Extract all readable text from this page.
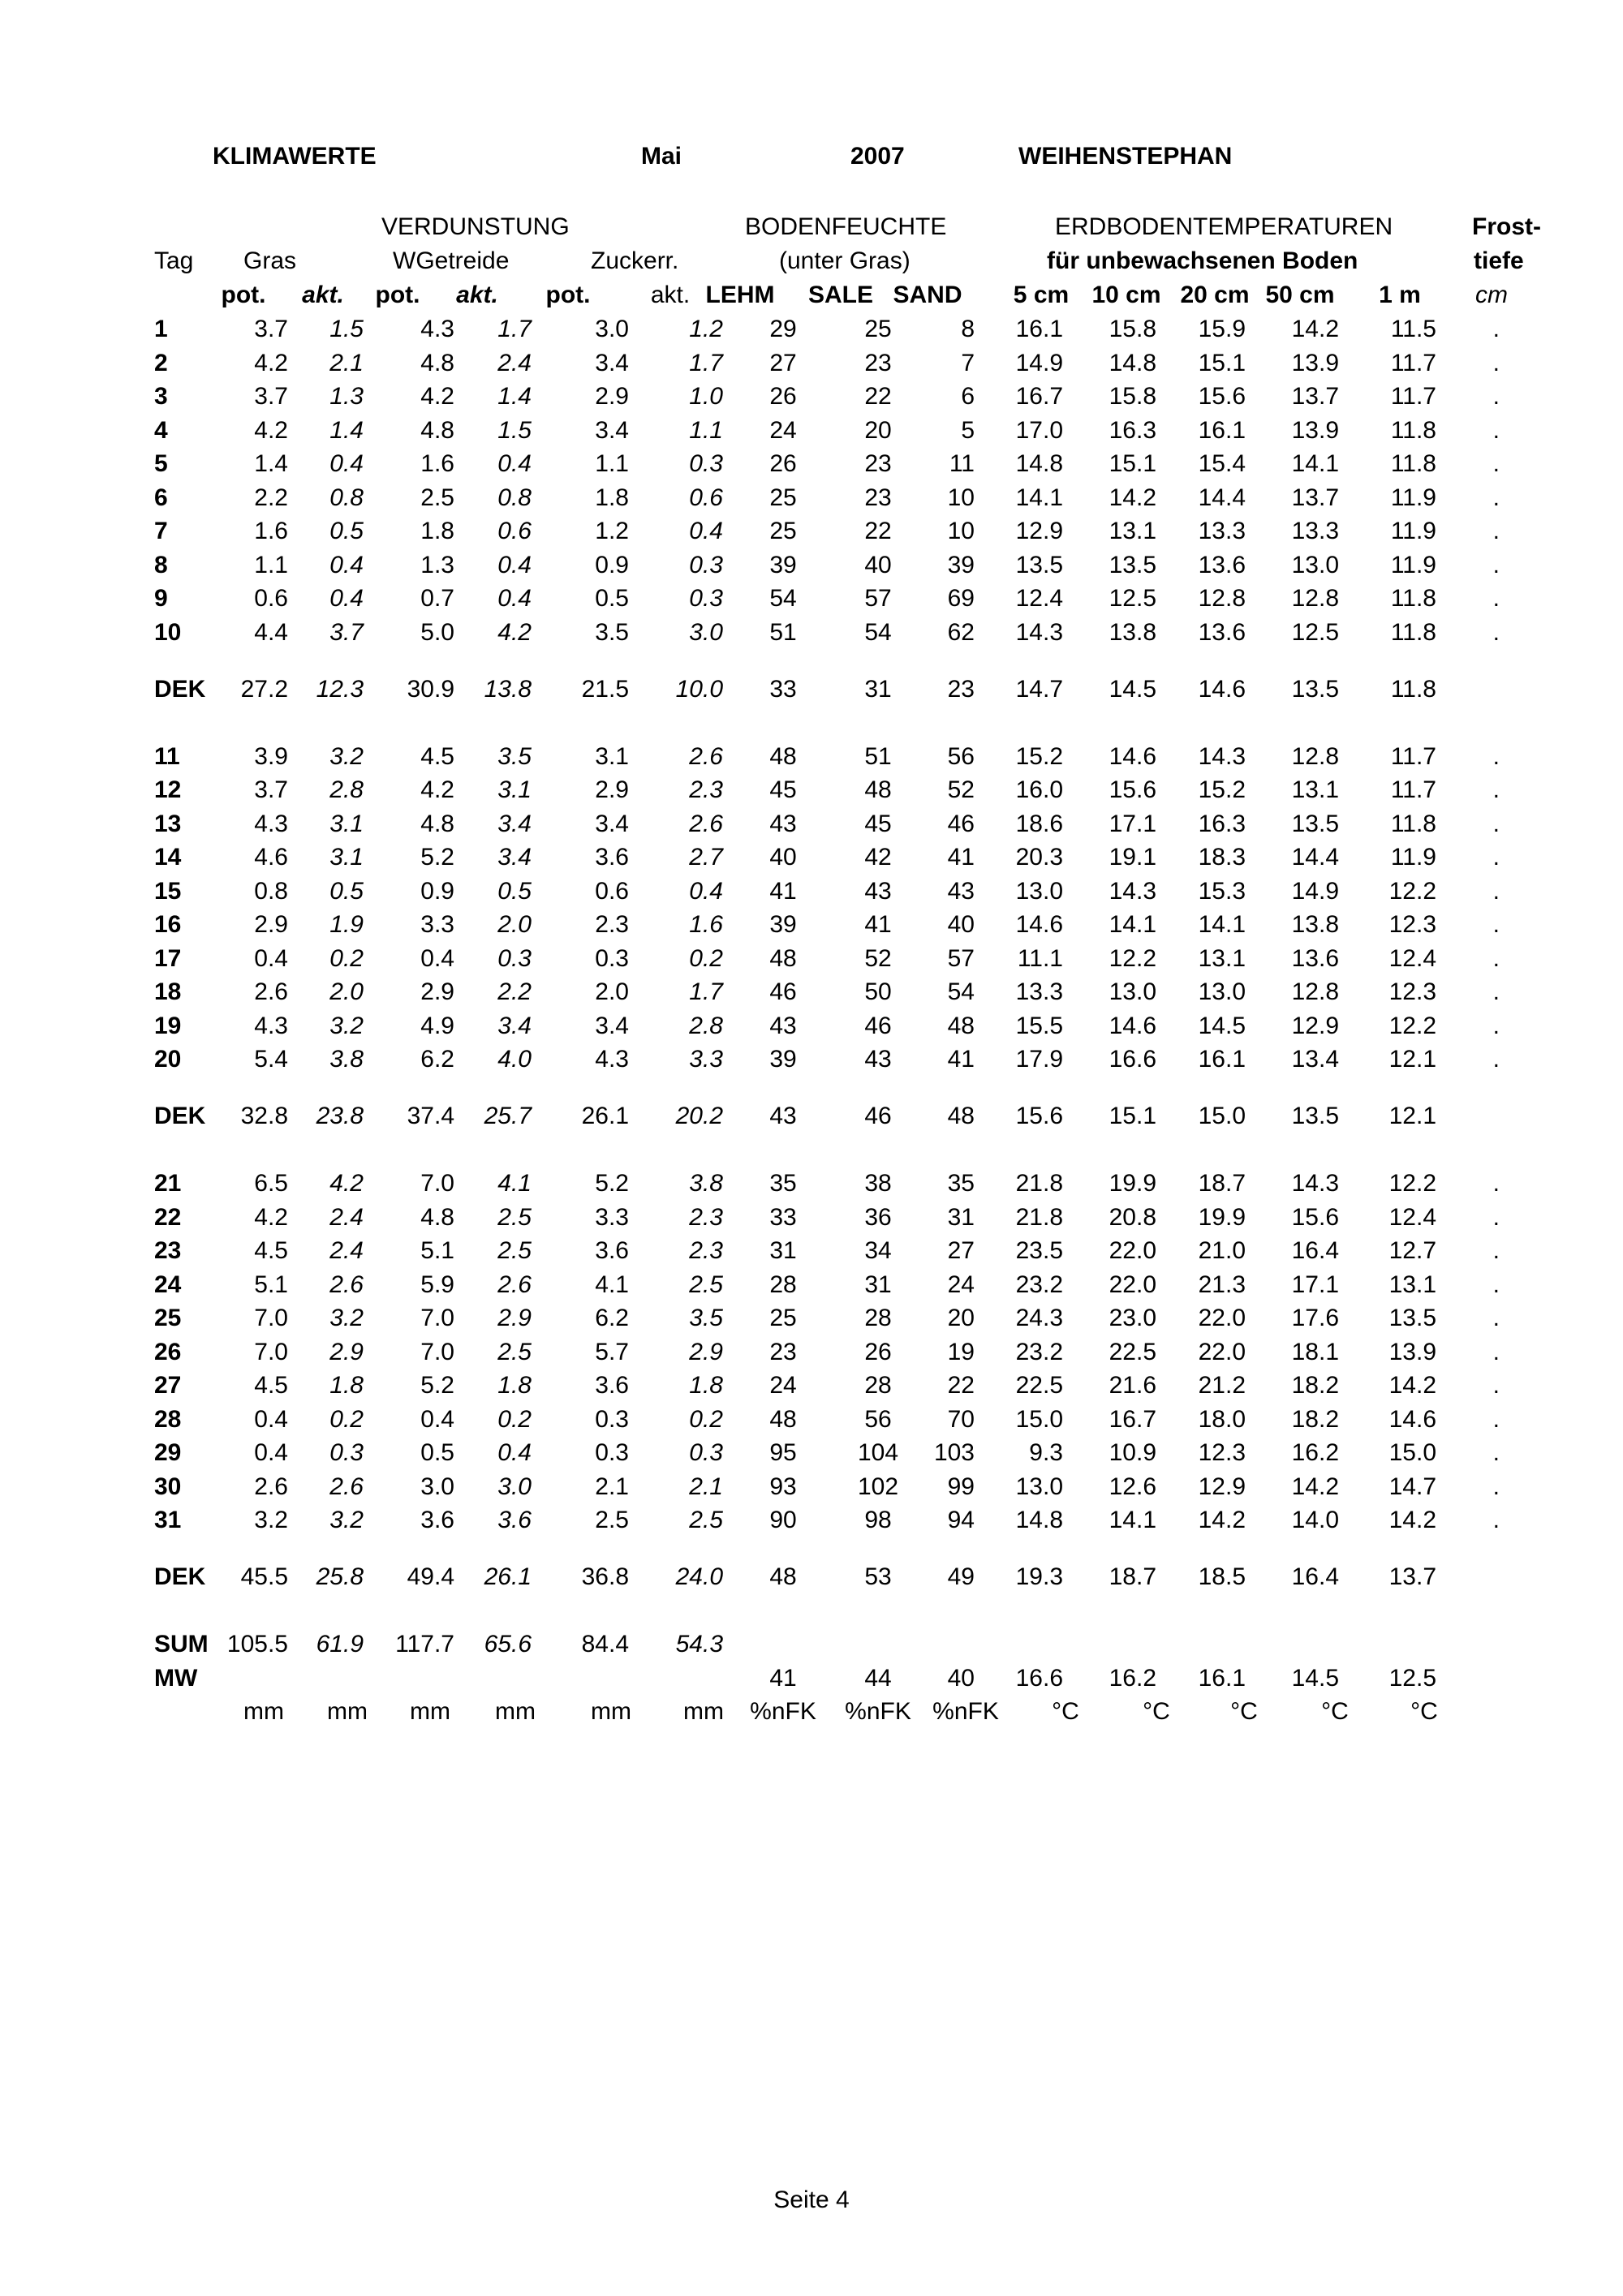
KLIMAWERTE	Mai	2007	WEIHENSTEPHAN
VERDUNSTUNG	BODENFEUCHTE	ERDBODENTEMPERATUREN	Frost-
Tag Gras	WGetreide	Zuckerr.	(unter Gras)	für unbewachsenen Boden	tiefe
pot. akt. pot. akt. pot. akt. LEHM SALE SAND 5 cm 10 cm 20 cm 50 cm 1 m cm
1	3.7 1.5 4.3 1.7	3.0 1.2 29	25	8 16.1 15.8 15.9 14.2 11.5 .
2	4.2 2.1 4.8 2.4	3.4 1.7 27	23	7 14.9 14.8 15.1 13.9 11.7 .
3	3.7 1.3 4.2 1.4	2.9 1.0 26	22	6 16.7 15.8 15.6 13.7 11.7 .
4	4.2 1.4 4.8 1.5	3.4 1.1 24	20	5 17.0 16.3 16.1 13.9 11.8 .
5	1.4 0.4 1.6 0.4	1.1 0.3 26	23 11 14.8 15.1 15.4 14.1 11.8 .
6	2.2 0.8 2.5 0.8	1.8 0.6 25	23 10 14.1 14.2 14.4 13.7 11.9 .
7	1.6 0.5 1.8 0.6	1.2 0.4 25	22 10 12.9 13.1 13.3 13.3 11.9 .
8	1.1 0.4 1.3 0.4	0.9 0.3 39	40 39 13.5 13.5 13.6 13.0 11.9 .
9	0.6 0.4 0.7 0.4	0.5 0.3 54	57 69 12.4 12.5 12.8 12.8 11.8 .
10	4.4 3.7 5.0 4.2	3.5 3.0 51	54 62 14.3 13.8 13.6 12.5 11.8 .
DEK 27.2 12.3 30.9 13.8 21.5 10.0 33	31 23 14.7 14.5 14.6 13.5 11.8
11	3.9 3.2 4.5 3.5	3.1 2.6 48	51 56 15.2 14.6 14.3 12.8 11.7 .
12	3.7 2.8 4.2 3.1	2.9 2.3 45	48 52 16.0 15.6 15.2 13.1 11.7 .
13	4.3 3.1 4.8 3.4	3.4 2.6 43	45 46 18.6 17.1 16.3 13.5 11.8 .
14	4.6 3.1 5.2 3.4	3.6 2.7 40	42 41 20.3 19.1 18.3 14.4 11.9 .
15	0.8 0.5 0.9 0.5	0.6 0.4 41	43 43 13.0 14.3 15.3 14.9 12.2 .
16	2.9 1.9 3.3 2.0	2.3 1.6 39	41 40 14.6 14.1 14.1 13.8 12.3 .
17	0.4 0.2 0.4 0.3	0.3 0.2 48	52 57 11.1 12.2 13.1 13.6 12.4 .
18	2.6 2.0 2.9 2.2	2.0 1.7 46	50 54 13.3 13.0 13.0 12.8 12.3 .
19	4.3 3.2 4.9 3.4	3.4 2.8 43	46 48 15.5 14.6 14.5 12.9 12.2 .
20	5.4 3.8 6.2 4.0	4.3 3.3 39	43 41 17.9 16.6 16.1 13.4 12.1 .
DEK 32.8 23.8 37.4 25.7 26.1 20.2 43	46 48 15.6 15.1 15.0 13.5 12.1
21	6.5 4.2 7.0 4.1	5.2 3.8 35	38 35 21.8 19.9 18.7 14.3 12.2 .
22	4.2 2.4 4.8 2.5	3.3 2.3 33	36 31 21.8 20.8 19.9 15.6 12.4 .
23	4.5 2.4 5.1 2.5	3.6 2.3 31	34 27 23.5 22.0 21.0 16.4 12.7 .
24	5.1 2.6 5.9 2.6	4.1 2.5 28	31 24 23.2 22.0 21.3 17.1 13.1 .
25	7.0 3.2 7.0 2.9	6.2 3.5 25	28 20 24.3 23.0 22.0 17.6 13.5 .
26	7.0 2.9 7.0 2.5	5.7 2.9 23	26 19 23.2 22.5 22.0 18.1 13.9 .
27	4.5 1.8 5.2 1.8	3.6 1.8 24	28 22 22.5 21.6 21.2 18.2 14.2 .
28	0.4 0.2 0.4 0.2	0.3 0.2 48	56 70 15.0 16.7 18.0 18.2 14.6 .
29	0.4 0.3 0.5 0.4	0.3 0.3 95	104 103 9.3 10.9 12.3 16.2 15.0 .
30	2.6 2.6 3.0 3.0	2.1 2.1 93	102 99 13.0 12.6 12.9 14.2 14.7 .
31	3.2 3.2 3.6 3.6	2.5 2.5 90	98 94 14.8 14.1 14.2 14.0 14.2 .
DEK 45.5 25.8 49.4 26.1 36.8 24.0 48	53 49 19.3 18.7 18.5 16.4 13.7
SUM 105.5 61.9 117.7 65.6 84.4 54.3
MW	41	44 40 16.6 16.2 16.1 14.5 12.5
mm mm mm mm mm mm %nFK %nFK %nFK °C	°C °C	°C	°C
Seite 4
